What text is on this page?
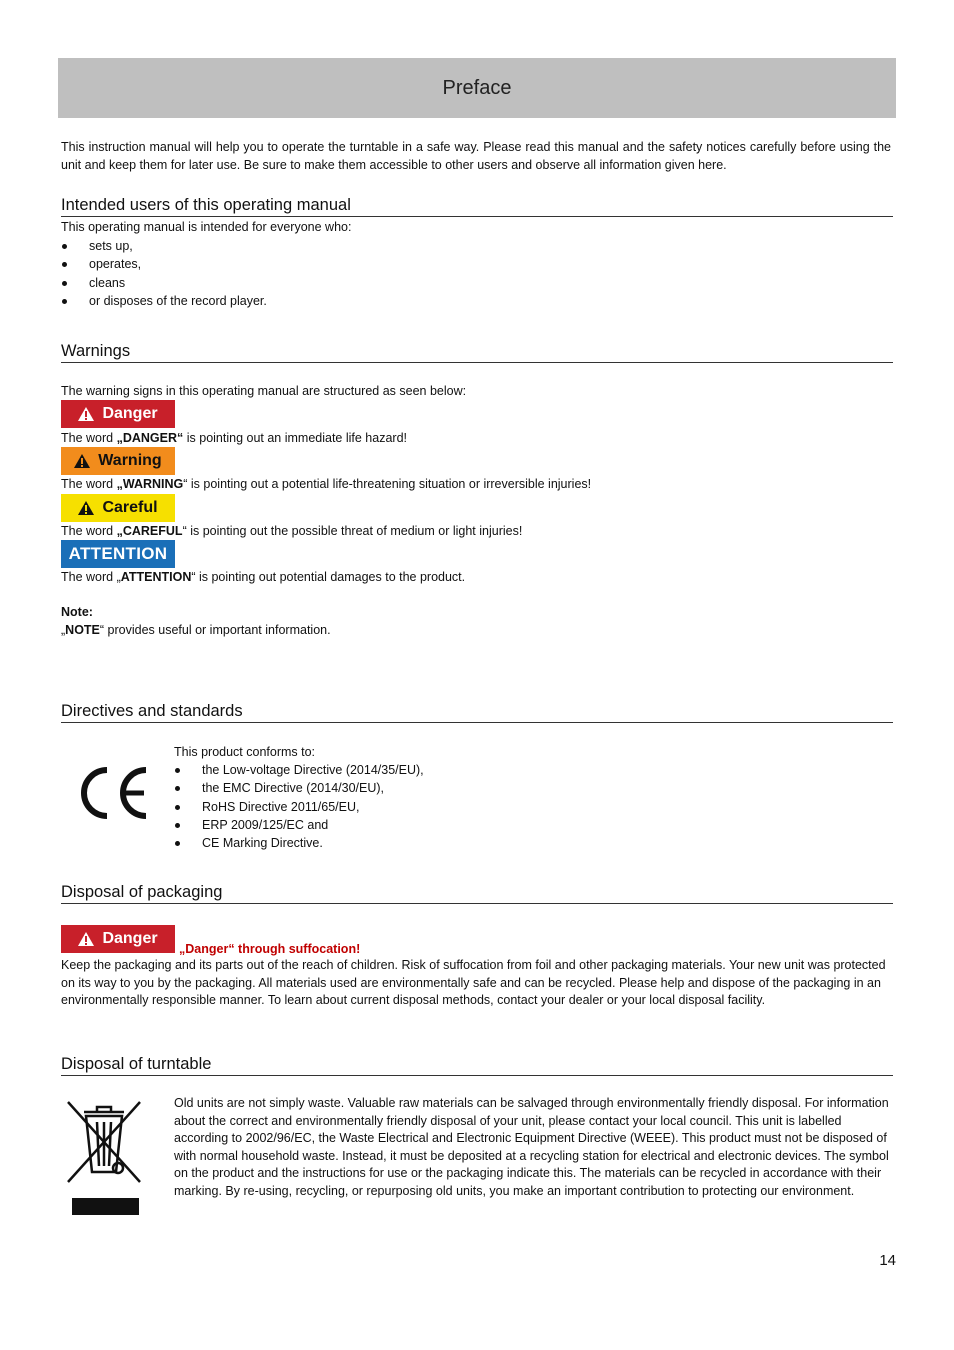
Preface
This instruction manual will help you to operate the turntable in a safe way. Please read this manual and the safety notices carefully before using the unit and keep them for later use. Be sure to make them accessible to other users and observe all information given here.
Intended users of this operating manual
This operating manual is intended for everyone who:
sets up,
operates,
cleans
or disposes of the record player.
Warnings
The warning signs in this operating manual are structured as seen below:
Danger
The word „DANGER“ is pointing out an immediate life hazard!
Warning
The word „WARNING“ is pointing out a potential life-threatening situation or irreversible injuries!
Careful
The word „CAREFUL“ is pointing out the possible threat of medium or light injuries!
ATTENTION
The word „ATTENTION“ is pointing out potential damages to the product.
Note:
„NOTE“ provides useful or important information.
Directives and standards
This product conforms to:
the Low-voltage Directive (2014/35/EU),
the EMC Directive (2014/30/EU),
RoHS Directive 2011/65/EU,
ERP 2009/125/EC and
CE Marking Directive.
Disposal of packaging
Danger
„Danger“ through suffocation!
Keep the packaging and its parts out of the reach of children. Risk of suffocation from foil and other packaging materials. Your new unit was protected on its way to you by the packaging. All materials used are environmentally safe and can be recycled. Please help and dispose of the packaging in an environmentally responsible manner. To learn about current disposal methods, contact your dealer or your local disposal facility.
Disposal of turntable
Old units are not simply waste. Valuable raw materials can be salvaged through environmentally friendly disposal. For information about the correct and environmentally friendly disposal of your unit, please contact your local council. This unit is labelled according to 2002/96/EC, the Waste Electrical and Electronic Equipment Directive (WEEE). This product must not be disposed of with normal household waste. Instead, it must be deposited at a recycling station for electrical and electronic devices. The symbol on the product and the instructions for use or the packaging indicate this. The materials can be recycled in accordance with their marking. By re-using, recycling, or repurposing old units, you make an important contribution to protecting our environment.
14
